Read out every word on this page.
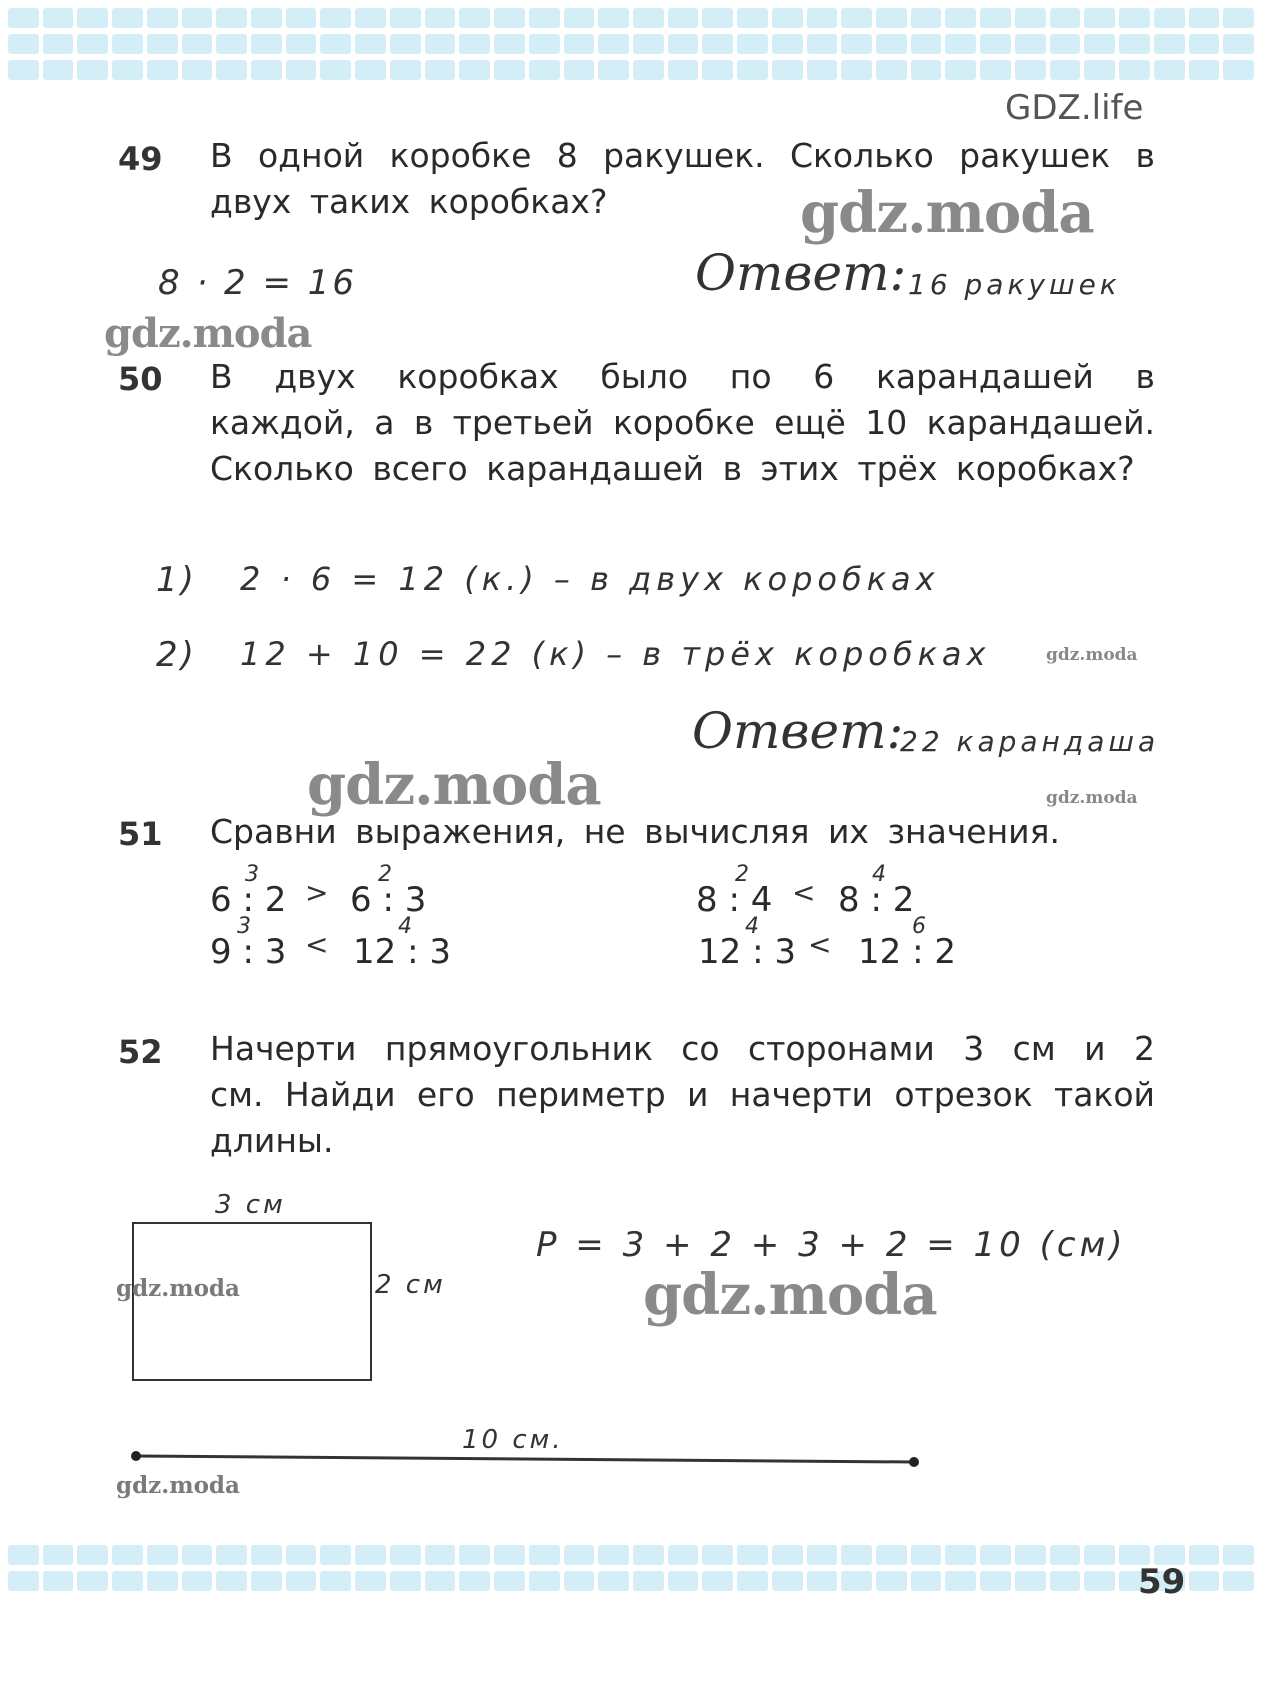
GDZ.life
49 В одной коробке 8 ракушек. Сколько ракушек в двух таких коробках?	gdz.moda
8 · 2 = 16	Ответ: 16 ракушек
gdz.moda
50 В двух коробках было по 6 карандашей в каждой, а в третьей коробке ещё 10 карандашей. Сколько всего карандашей в этих трёх коробках?
1) 2 · 6 = 12 (к.) – в двух коробках
2) 12 + 10 = 22 (к) – в трёх коробках	gdz.moda
Ответ:
22 карандаша
gdz.moda	gdz.moda
51 Сравни выражения, не вычисляя их значения.
3
6 : 2 >
2
6 : 3
2
8 : 4 <
4
8 : 2
3
9 : 3 <
4
12 : 3
4
12 : 3 <
6
12 : 2
52 Начерти прямоугольник со сторонами 3 см и 2 см. Найди его периметр и начерти отрезок такой длины.
3 см
gdz.moda	2 см
P = 3 + 2 + 3 + 2 = 10 (см)
gdz.moda
10 см.
gdz.moda
59
